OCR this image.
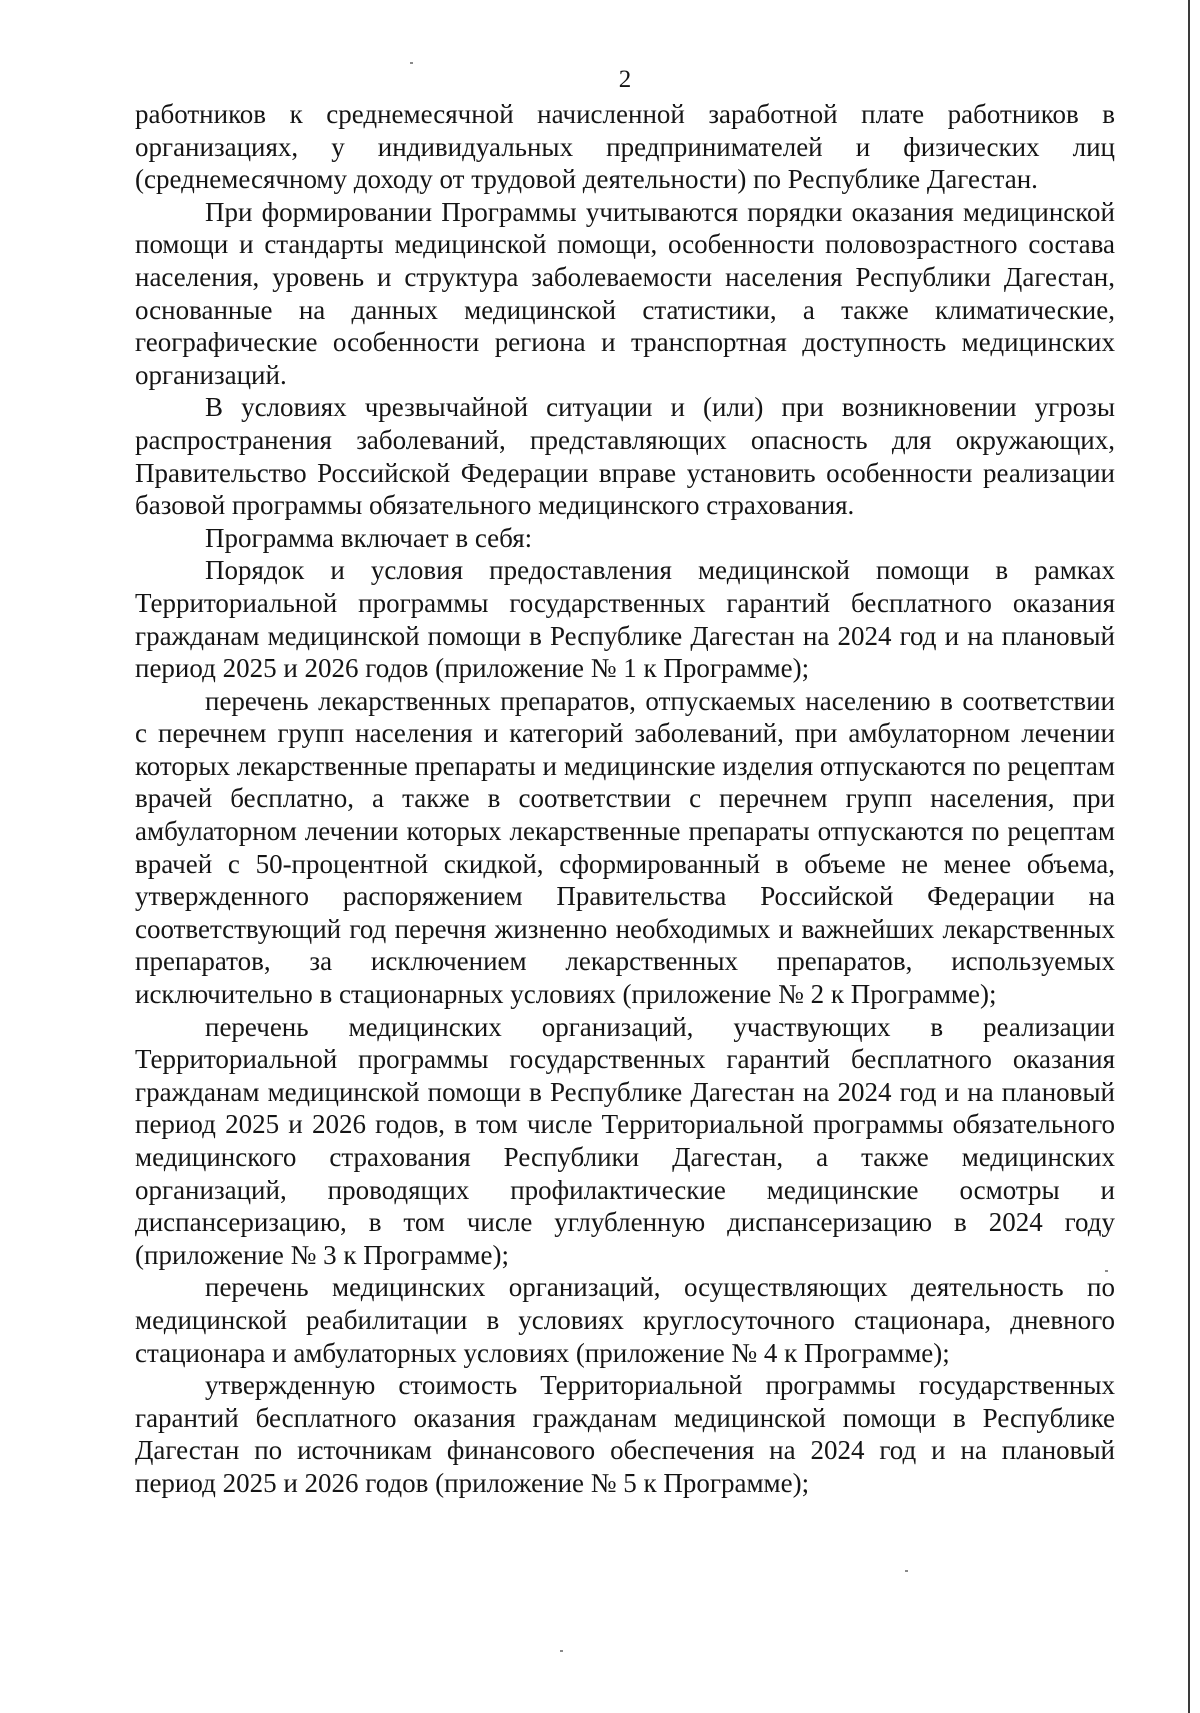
2

работников к среднемесячной начисленной заработной плате работников в организациях, у индивидуальных предпринимателей и физических лиц (среднемесячному доходу от трудовой деятельности) по Республике Дагестан.

При формировании Программы учитываются порядки оказания медицинской помощи и стандарты медицинской помощи, особенности половозрастного состава населения, уровень и структура заболеваемости населения Республики Дагестан, основанные на данных медицинской статистики, а также климатические, географические особенности региона и транспортная доступность медицинских организаций.

В условиях чрезвычайной ситуации и (или) при возникновении угрозы распространения заболеваний, представляющих опасность для окружающих, Правительство Российской Федерации вправе установить особенности реализации базовой программы обязательного медицинского страхования.

Программа включает в себя:

Порядок и условия предоставления медицинской помощи в рамках Территориальной программы государственных гарантий бесплатного оказания гражданам медицинской помощи в Республике Дагестан на 2024 год и на плановый период 2025 и 2026 годов (приложение № 1 к Программе);

перечень лекарственных препаратов, отпускаемых населению в соответствии с перечнем групп населения и категорий заболеваний, при амбулаторном лечении которых лекарственные препараты и медицинские изделия отпускаются по рецептам врачей бесплатно, а также в соответствии с перечнем групп населения, при амбулаторном лечении которых лекарственные препараты отпускаются по рецептам врачей с 50-процентной скидкой, сформированный в объеме не менее объема, утвержденного распоряжением Правительства Российской Федерации на соответствующий год перечня жизненно необходимых и важнейших лекарственных препаратов, за исключением лекарственных препаратов, используемых исключительно в стационарных условиях (приложение № 2 к Программе);

перечень медицинских организаций, участвующих в реализации Территориальной программы государственных гарантий бесплатного оказания гражданам медицинской помощи в Республике Дагестан на 2024 год и на плановый период 2025 и 2026 годов, в том числе Территориальной программы обязательного медицинского страхования Республики Дагестан, а также медицинских организаций, проводящих профилактические медицинские осмотры и диспансеризацию, в том числе углубленную диспансеризацию в 2024 году (приложение № 3 к Программе);

перечень медицинских организаций, осуществляющих деятельность по медицинской реабилитации в условиях круглосуточного стационара, дневного стационара и амбулаторных условиях (приложение № 4 к Программе);

утвержденную стоимость Территориальной программы государственных гарантий бесплатного оказания гражданам медицинской помощи в Республике Дагестан по источникам финансового обеспечения на 2024 год и на плановый период 2025 и 2026 годов (приложение № 5 к Программе);
